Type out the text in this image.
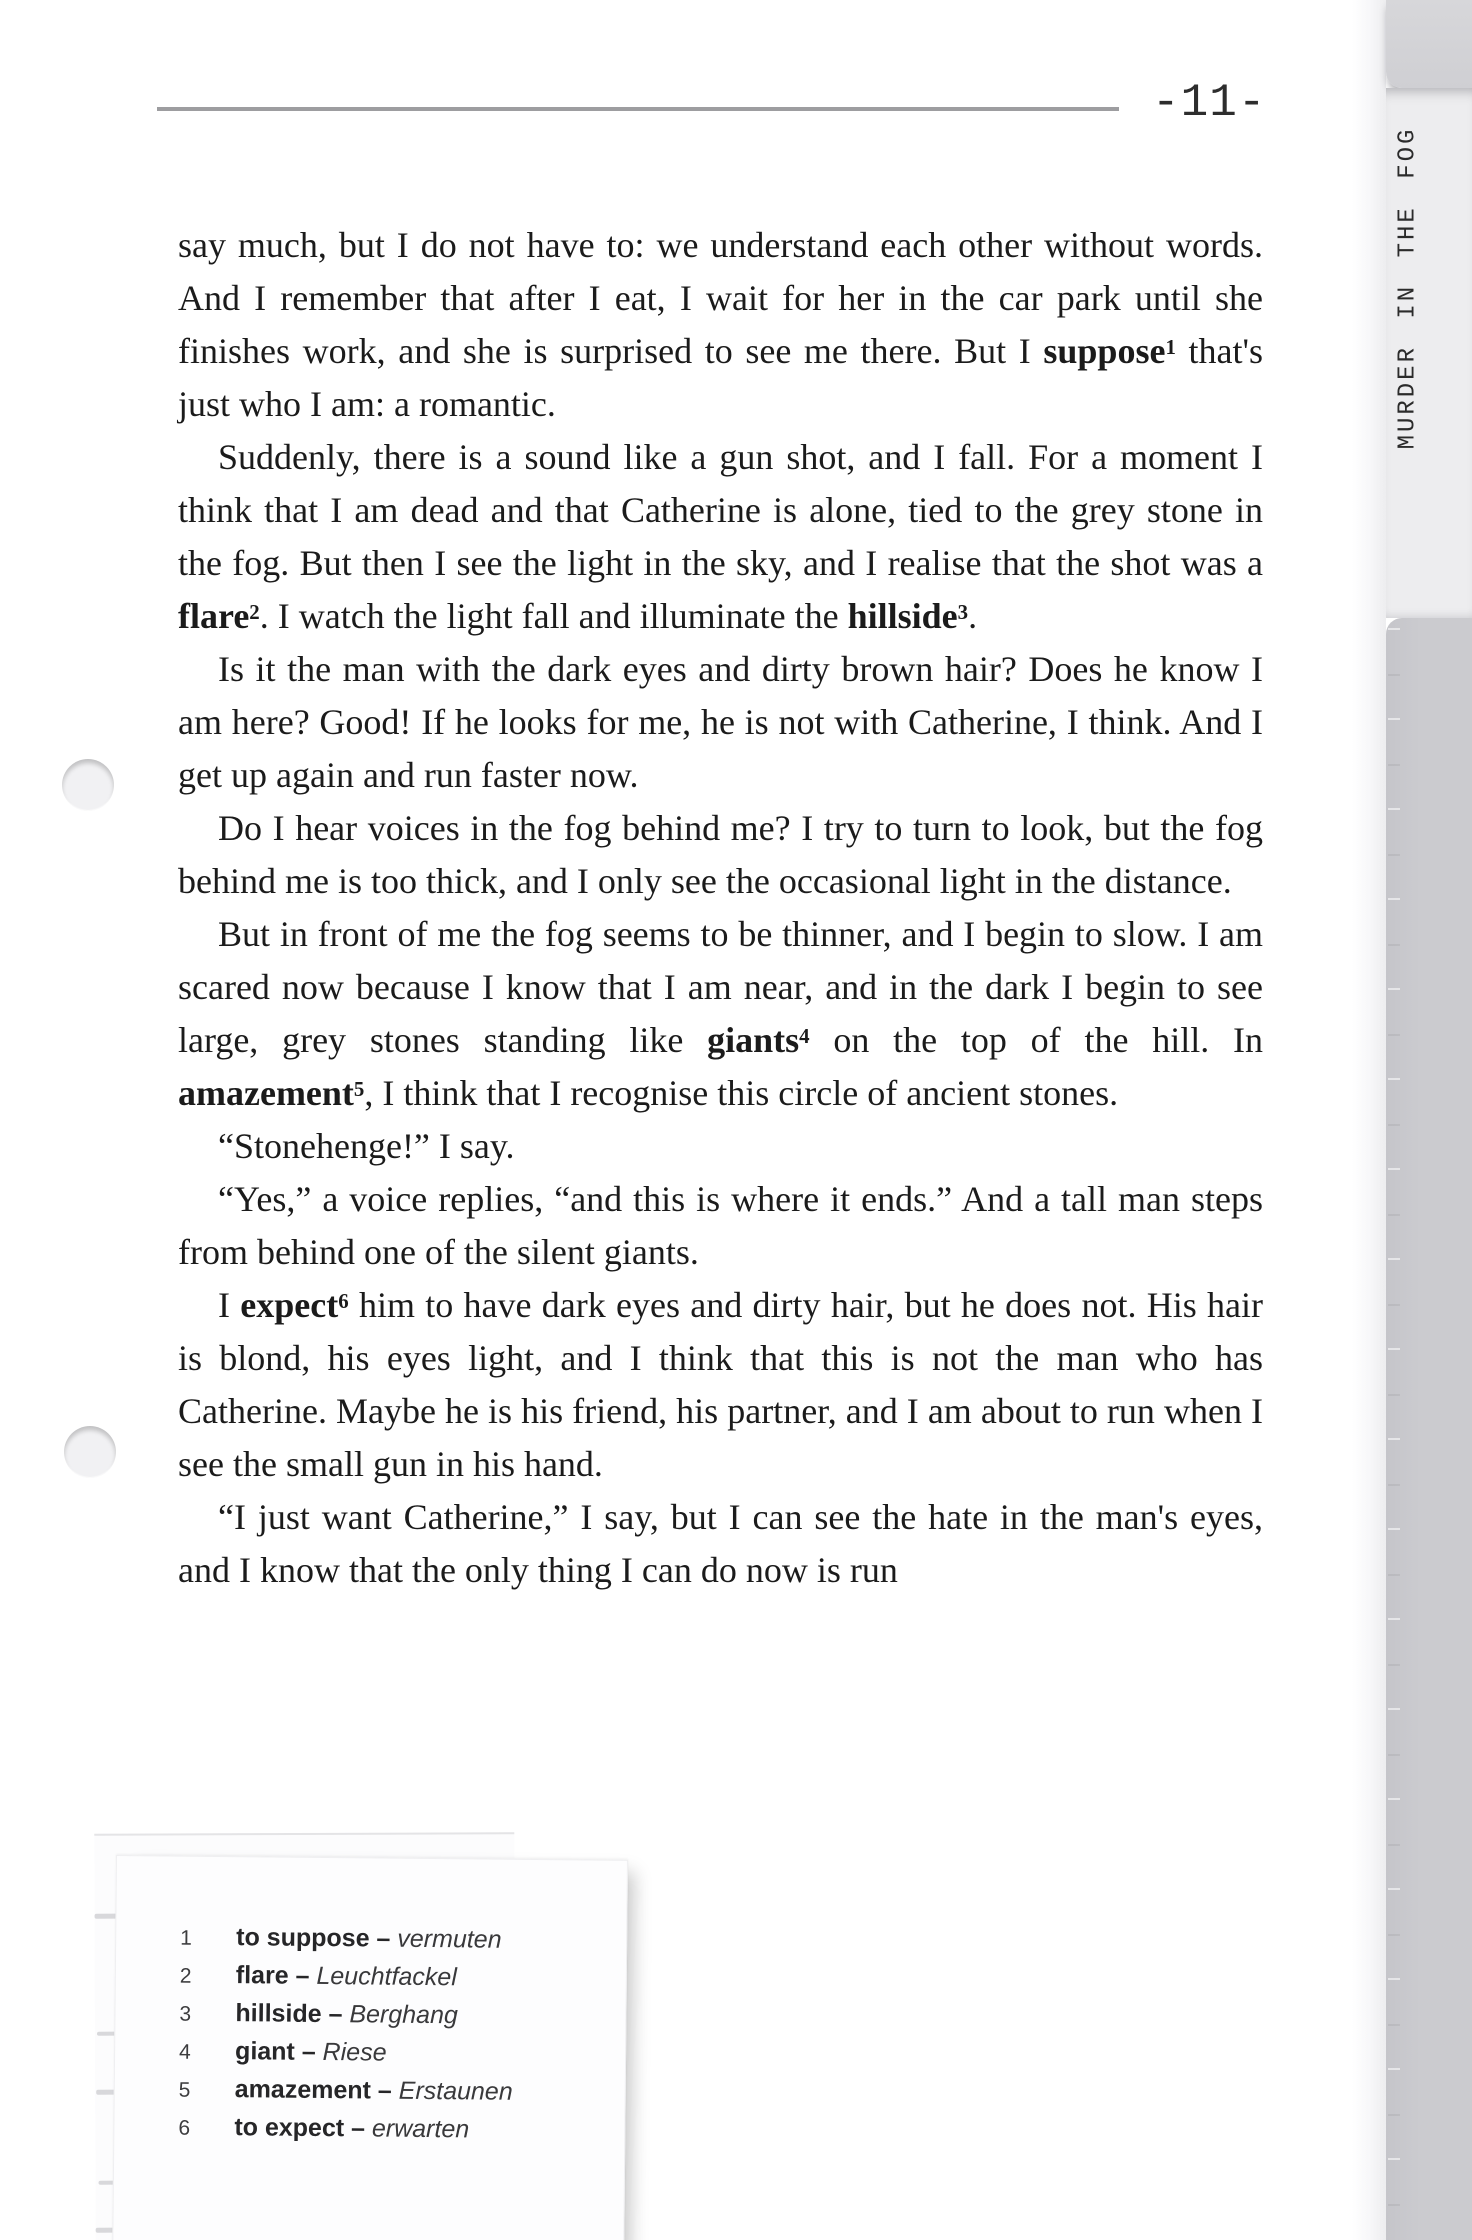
MURDER IN THE FOG
-11-

say much, but I do not have to: we understand each other without words. And I remember that after I eat, I wait for her in the car park until she finishes work, and she is surprised to see me there. But I suppose$^1$ that's just who I am: a romantic.

Suddenly, there is a sound like a gun shot, and I fall. For a moment I think that I am dead and that Catherine is alone, tied to the grey stone in the fog. But then I see the light in the sky, and I realise that the shot was a flare$^2$. I watch the light fall and illuminate the hillside$^3$.

Is it the man with the dark eyes and dirty brown hair? Does he know I am here? Good! If he looks for me, he is not with Catherine, I think. And I get up again and run faster now.

Do I hear voices in the fog behind me? I try to turn to look, but the fog behind me is too thick, and I only see the occasional light in the distance.

But in front of me the fog seems to be thinner, and I begin to slow. I am scared now because I know that I am near, and in the dark I begin to see large, grey stones standing like giants$^4$ on the top of the hill. In amazement$^5$, I think that I recognise this circle of ancient stones.

“Stonehenge!” I say.

“Yes,” a voice replies, “and this is where it ends.” And a tall man steps from behind one of the silent giants.

I expect$^6$ him to have dark eyes and dirty hair, but he does not. His hair is blond, his eyes light, and I think that this is not the man who has Catherine. Maybe he is his friend, his partner, and I am about to run when I see the small gun in his hand.

“I just want Catherine,” I say, but I can see the hate in the man's eyes, and I know that the only thing I can do now is run

1	to suppose – vermuten
2	flare – Leuchtfackel
3	hillside – Berghang
4	giant – Riese
5	amazement – Erstaunen
6	to expect – erwarten
